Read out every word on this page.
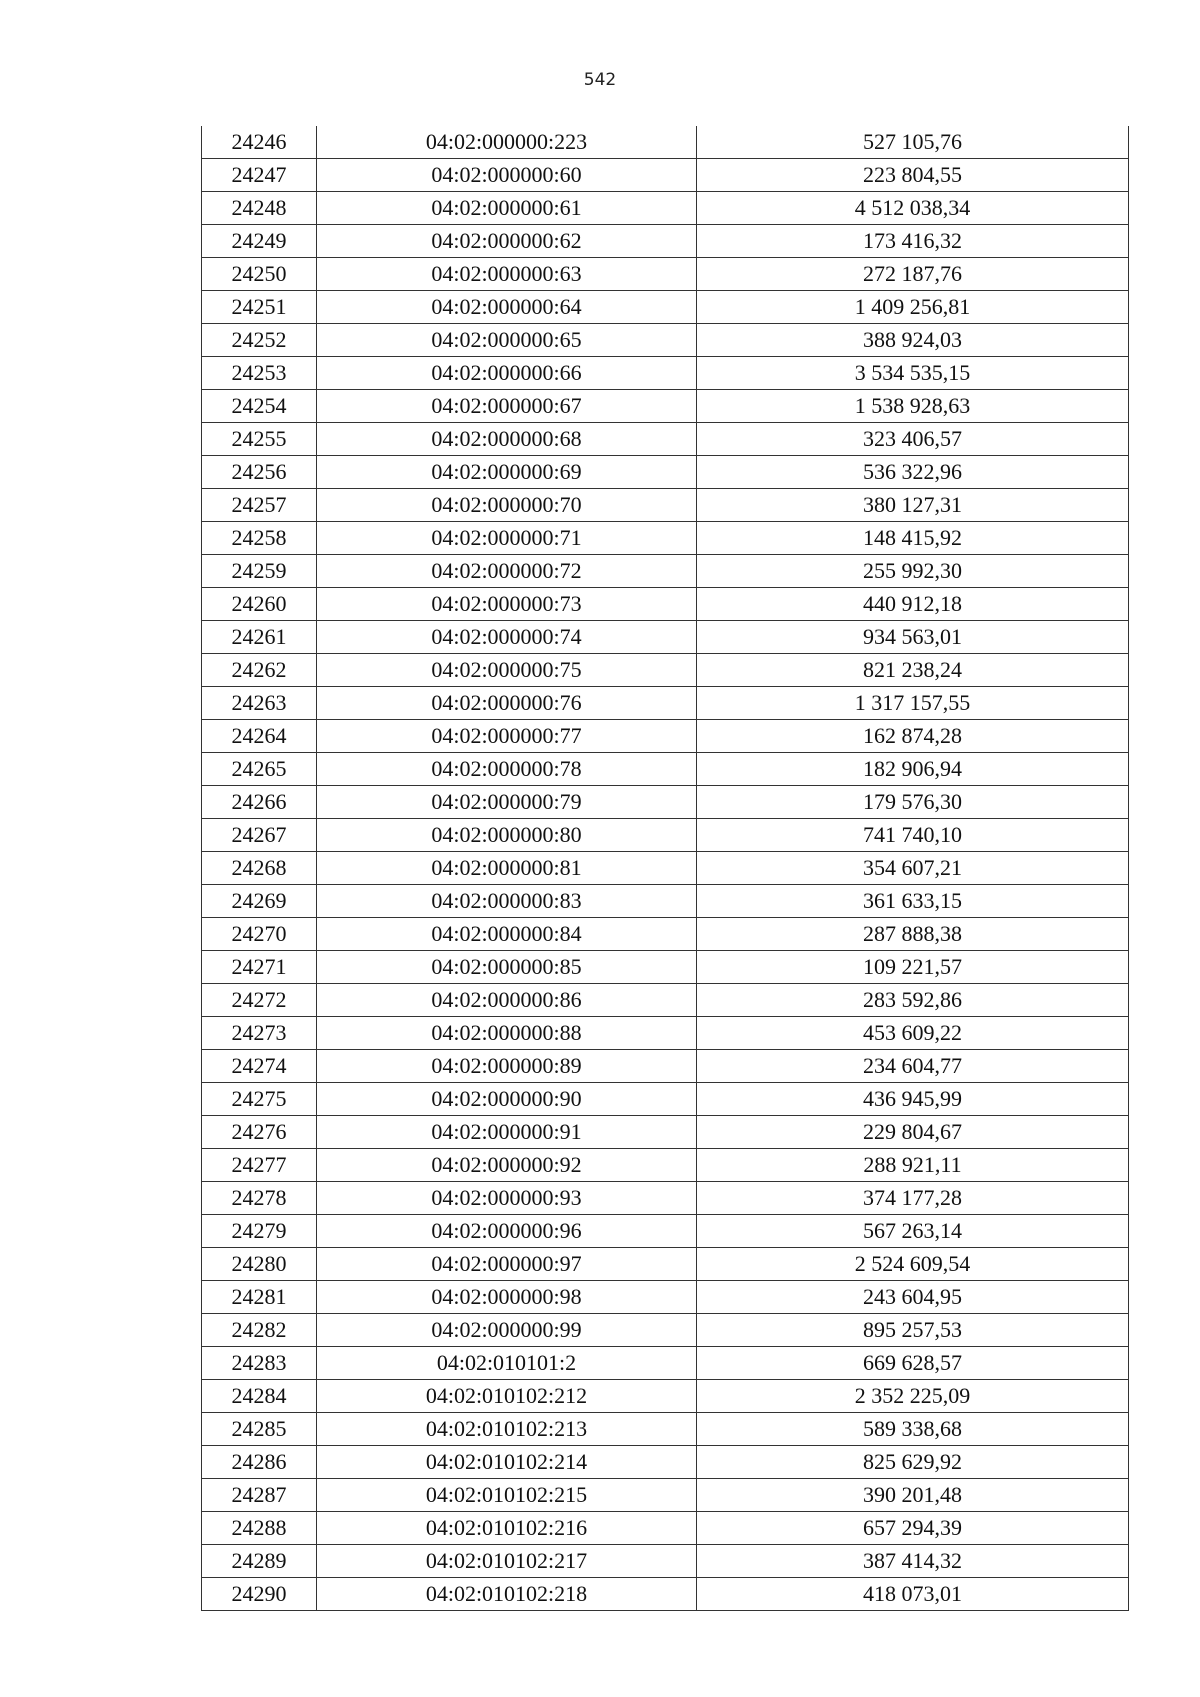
542
24246	04:02:000000:223	527 105,76
24247	04:02:000000:60	223 804,55
24248	04:02:000000:61	4 512 038,34
24249	04:02:000000:62	173 416,32
24250	04:02:000000:63	272 187,76
24251	04:02:000000:64	1 409 256,81
24252	04:02:000000:65	388 924,03
24253	04:02:000000:66	3 534 535,15
24254	04:02:000000:67	1 538 928,63
24255	04:02:000000:68	323 406,57
24256	04:02:000000:69	536 322,96
24257	04:02:000000:70	380 127,31
24258	04:02:000000:71	148 415,92
24259	04:02:000000:72	255 992,30
24260	04:02:000000:73	440 912,18
24261	04:02:000000:74	934 563,01
24262	04:02:000000:75	821 238,24
24263	04:02:000000:76	1 317 157,55
24264	04:02:000000:77	162 874,28
24265	04:02:000000:78	182 906,94
24266	04:02:000000:79	179 576,30
24267	04:02:000000:80	741 740,10
24268	04:02:000000:81	354 607,21
24269	04:02:000000:83	361 633,15
24270	04:02:000000:84	287 888,38
24271	04:02:000000:85	109 221,57
24272	04:02:000000:86	283 592,86
24273	04:02:000000:88	453 609,22
24274	04:02:000000:89	234 604,77
24275	04:02:000000:90	436 945,99
24276	04:02:000000:91	229 804,67
24277	04:02:000000:92	288 921,11
24278	04:02:000000:93	374 177,28
24279	04:02:000000:96	567 263,14
24280	04:02:000000:97	2 524 609,54
24281	04:02:000000:98	243 604,95
24282	04:02:000000:99	895 257,53
24283	04:02:010101:2	669 628,57
24284	04:02:010102:212	2 352 225,09
24285	04:02:010102:213	589 338,68
24286	04:02:010102:214	825 629,92
24287	04:02:010102:215	390 201,48
24288	04:02:010102:216	657 294,39
24289	04:02:010102:217	387 414,32
24290	04:02:010102:218	418 073,01
